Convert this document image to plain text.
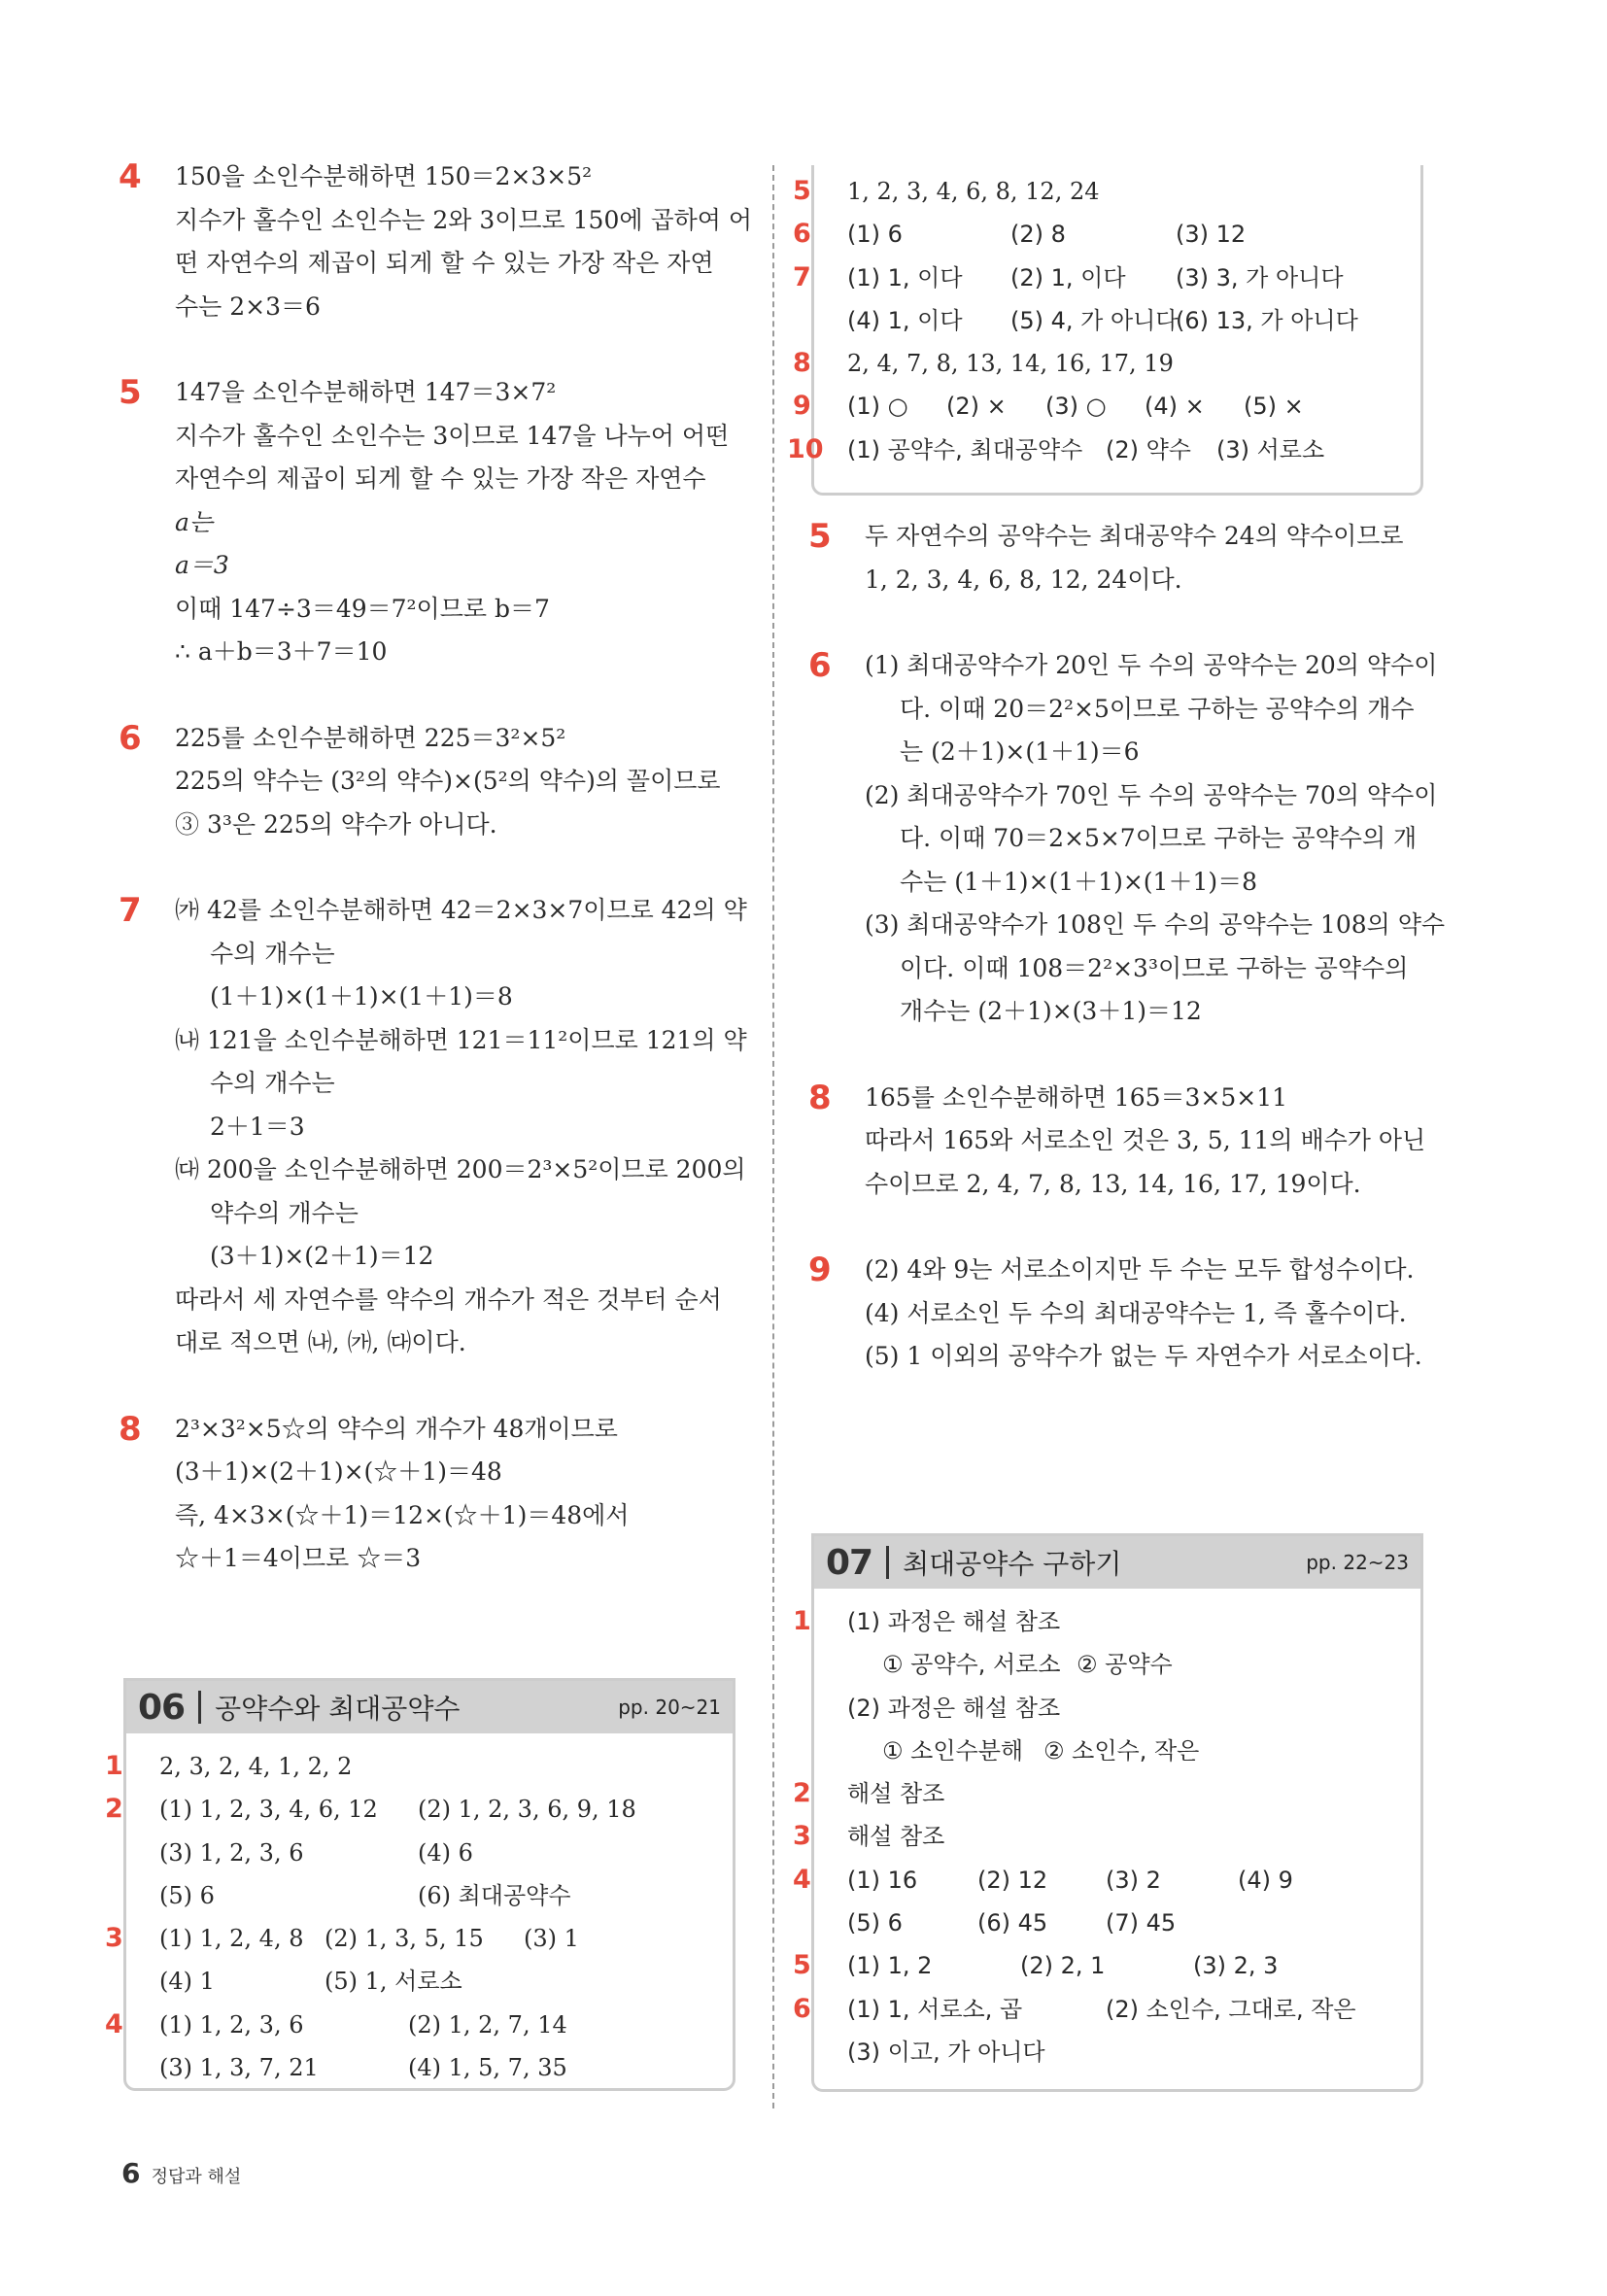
4 150을 소인수분해하면 150＝2×3×5²
지수가 홀수인 소인수는 2와 3이므로 150에 곱하여 어
떤 자연수의 제곱이 되게 할 수 있는 가장 작은 자연
수는 2×3＝6
5 147을 소인수분해하면 147＝3×7²
지수가 홀수인 소인수는 3이므로 147을 나누어 어떤
자연수의 제곱이 되게 할 수 있는 가장 작은 자연수
a는
a＝3
이때 147÷3＝49＝7²이므로 b＝7
∴ a＋b＝3＋7＝10
6 225를 소인수분해하면 225＝3²×5²
225의 약수는 (3²의 약수)×(5²의 약수)의 꼴이므로
③ 3³은 225의 약수가 아니다.
7 ㈎ 42를 소인수분해하면 42＝2×3×7이므로 42의 약
수의 개수는
(1＋1)×(1＋1)×(1＋1)＝8
㈏ 121을 소인수분해하면 121＝11²이므로 121의 약
수의 개수는
2＋1＝3
㈐ 200을 소인수분해하면 200＝2³×5²이므로 200의
약수의 개수는
(3＋1)×(2＋1)＝12
따라서 세 자연수를 약수의 개수가 적은 것부터 순서
대로 적으면 ㈏, ㈎, ㈐이다.
8 2³×3²×5☆의 약수의 개수가 48개이므로
(3＋1)×(2＋1)×(☆＋1)＝48
즉, 4×3×(☆＋1)＝12×(☆＋1)＝48에서
☆＋1＝4이므로 ☆＝3
06 공약수와 최대공약수	pp. 20~21
1 2, 3, 2, 4, 1, 2, 2
2 (1) 1, 2, 3, 4, 6, 12 (2) 1, 2, 3, 6, 9, 18
(3) 1, 2, 3, 6	(4) 6
(5) 6	(6) 최대공약수
3 (1) 1, 2, 4, 8 (2) 1, 3, 5, 15 (3) 1
(4) 1	(5) 1, 서로소
4 (1) 1, 2, 3, 6	(2) 1, 2, 7, 14
(3) 1, 3, 7, 21	(4) 1, 5, 7, 35
5 1, 2, 3, 4, 6, 8, 12, 24
6 (1) 6	(2) 8	(3) 12
7 (1) 1, 이다 (2) 1, 이다 (3) 3, 가 아니다
(4) 1, 이다 (5) 4, 가 아니다(6) 13, 가 아니다
8 2, 4, 7, 8, 13, 14, 16, 17, 19
9 (1) ○ (2) × (3) ○ (4) × (5) ×
10 (1) 공약수, 최대공약수 (2) 약수 (3) 서로소
5 두 자연수의 공약수는 최대공약수 24의 약수이므로
1, 2, 3, 4, 6, 8, 12, 24이다.
6 (1) 최대공약수가 20인 두 수의 공약수는 20의 약수이
다. 이때 20＝2²×5이므로 구하는 공약수의 개수
는 (2＋1)×(1＋1)＝6
(2) 최대공약수가 70인 두 수의 공약수는 70의 약수이
다. 이때 70＝2×5×7이므로 구하는 공약수의 개
수는 (1＋1)×(1＋1)×(1＋1)＝8
(3) 최대공약수가 108인 두 수의 공약수는 108의 약수
이다. 이때 108＝2²×3³이므로 구하는 공약수의
개수는 (2＋1)×(3＋1)＝12
8 165를 소인수분해하면 165＝3×5×11
따라서 165와 서로소인 것은 3, 5, 11의 배수가 아닌
수이므로 2, 4, 7, 8, 13, 14, 16, 17, 19이다.
9 (2) 4와 9는 서로소이지만 두 수는 모두 합성수이다.
(4) 서로소인 두 수의 최대공약수는 1, 즉 홀수이다.
(5) 1 이외의 공약수가 없는 두 자연수가 서로소이다.
07 최대공약수 구하기	pp. 22~23
1 (1) 과정은 해설 참조
① 공약수, 서로소 ② 공약수
(2) 과정은 해설 참조
① 소인수분해 ② 소인수, 작은
2 해설 참조
3 해설 참조
4 (1) 16	(2) 12 (3) 2	(4) 9
(5) 6	(6) 45 (7) 45
5 (1) 1, 2	(2) 2, 1	(3) 2, 3
6 (1) 1, 서로소, 곱	(2) 소인수, 그대로, 작은
(3) 이고, 가 아니다
6 정답과 해설
